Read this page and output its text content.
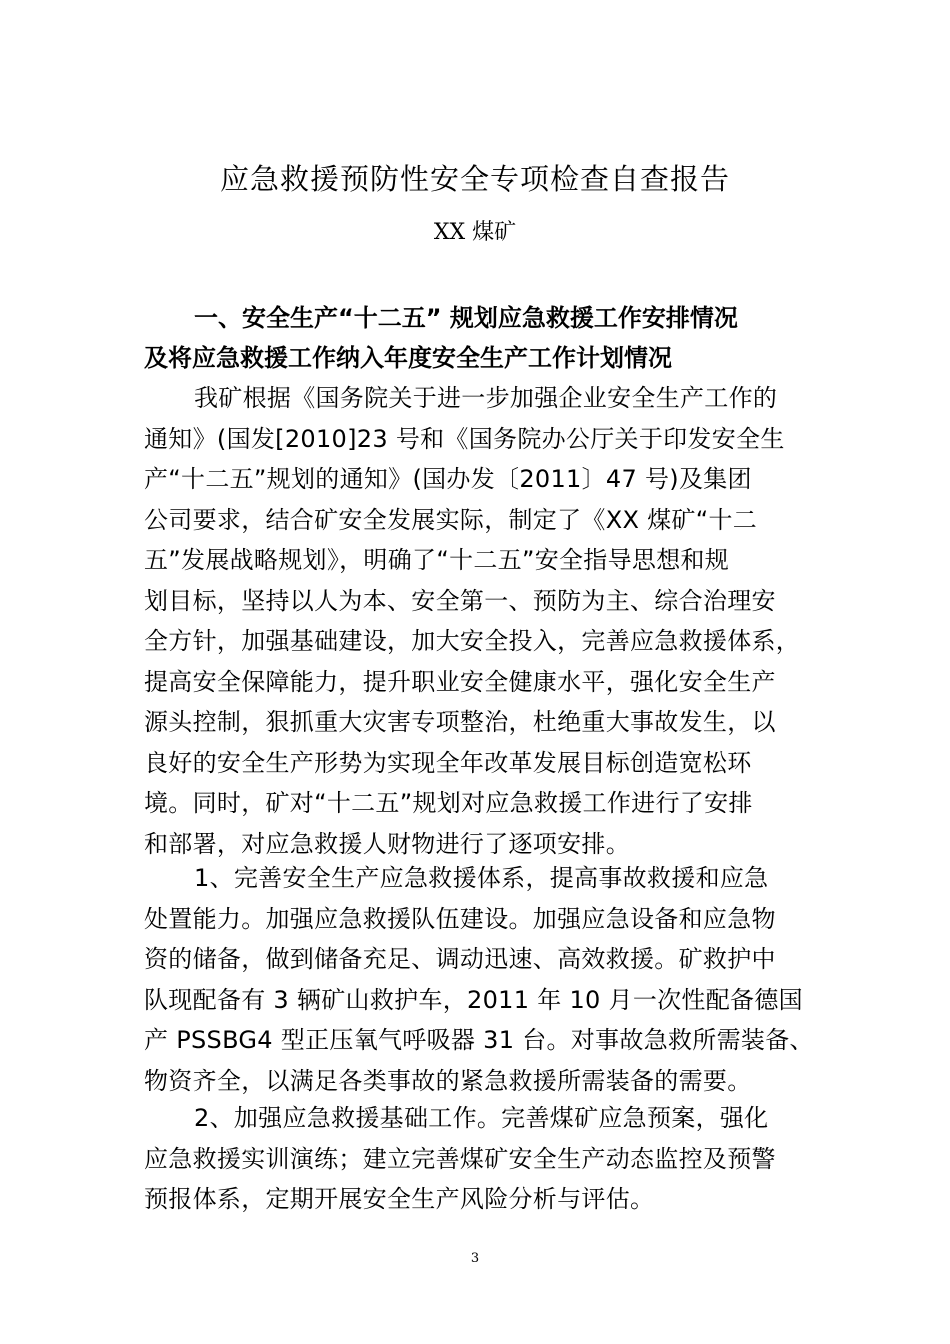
应急救援预防性安全专项检查自查报告
XX 煤矿
一、安全生产“十二五” 规划应急救援工作安排情况
及将应急救援工作纳入年度安全生产工作计划情况

我矿根据《国务院关于进一步加强企业安全生产工作的
通知》(国发[2010]23 号和《国务院办公厅关于印发安全生
产“十二五”规划的通知》(国办发〔2011〕47 号)及集团
公司要求，结合矿安全发展实际，制定了《XX 煤矿“十二
五”发展战略规划》，明确了“十二五”安全指导思想和规
划目标，坚持以人为本、安全第一、预防为主、综合治理安
全方针，加强基础建设，加大安全投入，完善应急救援体系，
提高安全保障能力，提升职业安全健康水平，强化安全生产
源头控制，狠抓重大灾害专项整治，杜绝重大事故发生，以
良好的安全生产形势为实现全年改革发展目标创造宽松环
境。同时，矿对“十二五”规划对应急救援工作进行了安排
和部署，对应急救援人财物进行了逐项安排。

1、完善安全生产应急救援体系，提高事故救援和应急
处置能力。加强应急救援队伍建设。加强应急设备和应急物
资的储备，做到储备充足、调动迅速、高效救援。矿救护中
队现配备有 3 辆矿山救护车，2011 年 10 月一次性配备德国
产 PSSBG4 型正压氧气呼吸器 31 台。对事故急救所需装备、
物资齐全，以满足各类事故的紧急救援所需装备的需要。

2、加强应急救援基础工作。完善煤矿应急预案，强化
应急救援实训演练；建立完善煤矿安全生产动态监控及预警
预报体系，定期开展安全生产风险分析与评估。

3
